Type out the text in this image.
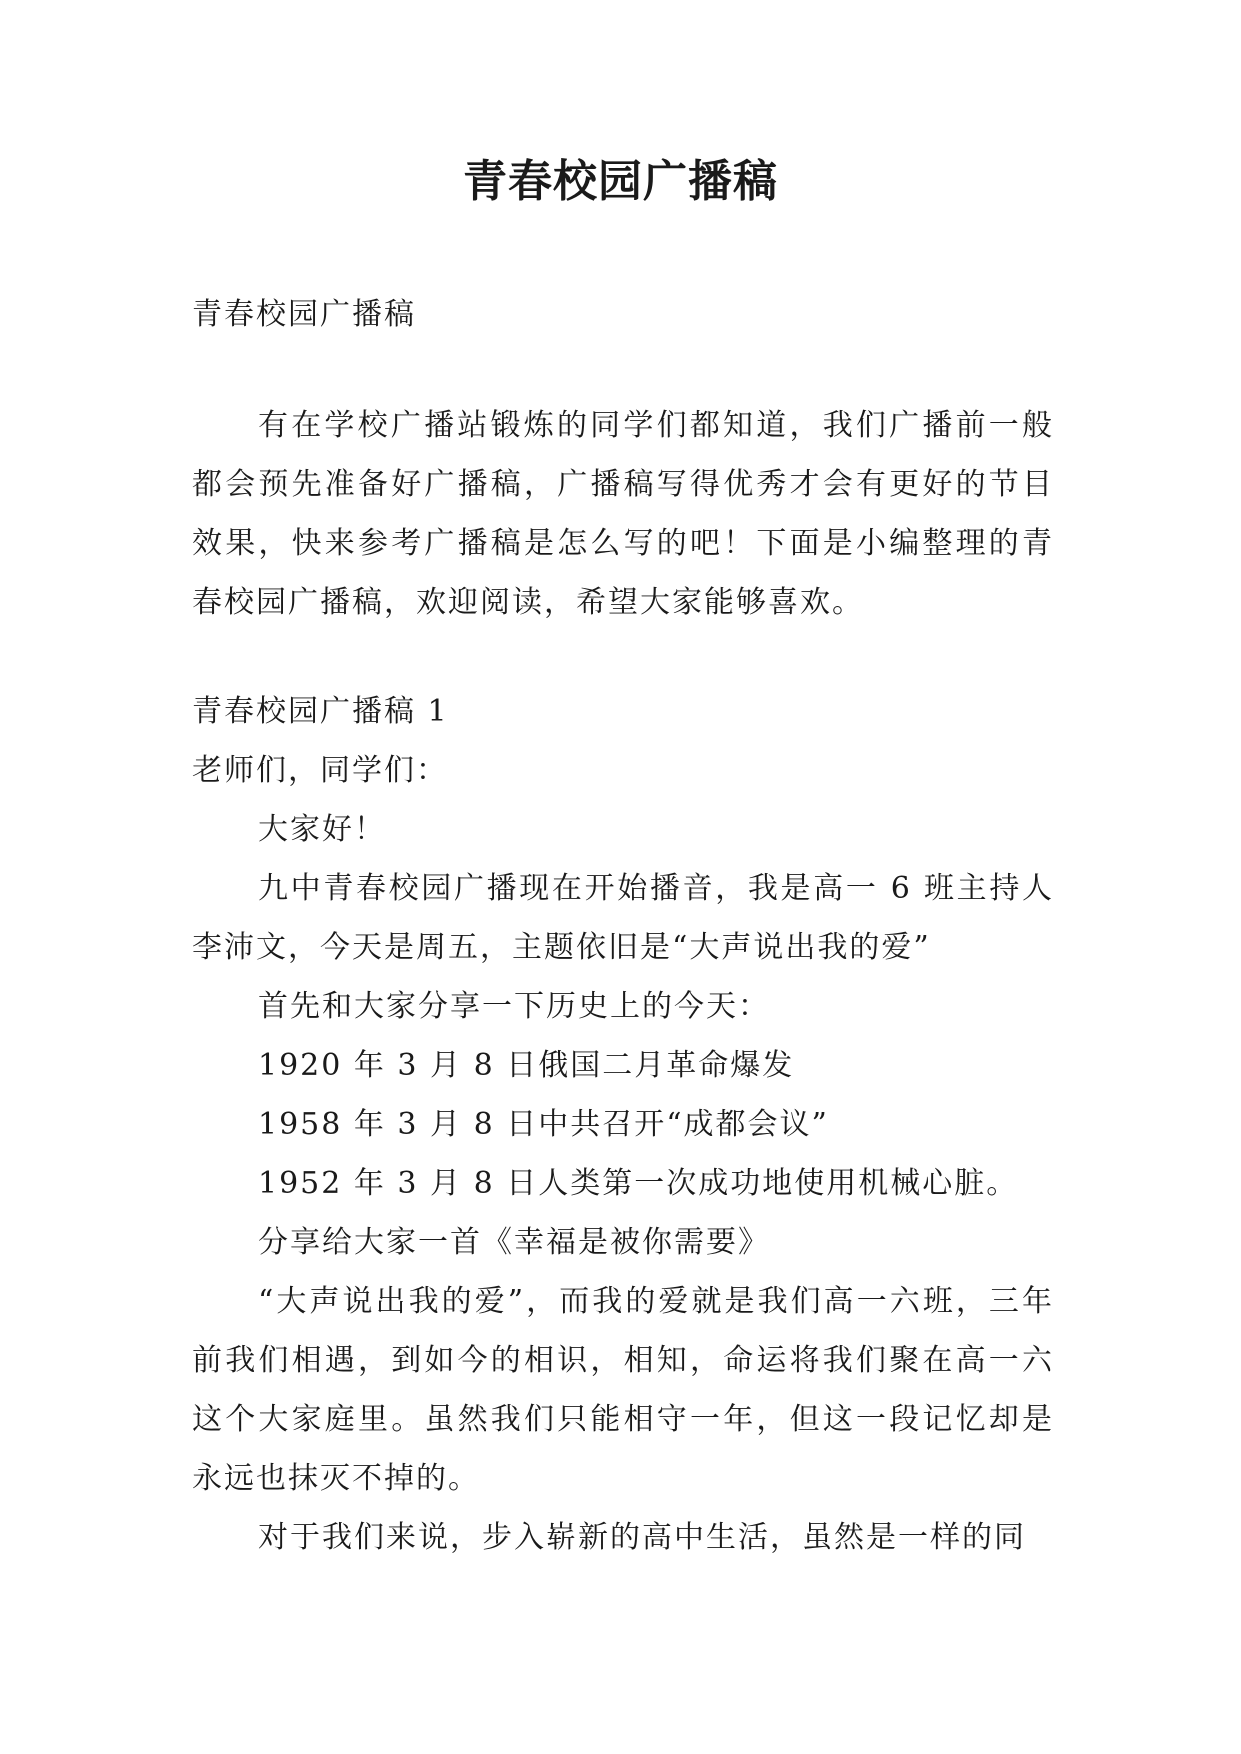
青春校园广播稿

青春校园广播稿

有在学校广播站锻炼的同学们都知道，我们广播前一般都会预先准备好广播稿，广播稿写得优秀才会有更好的节目效果，快来参考广播稿是怎么写的吧！下面是小编整理的青春校园广播稿，欢迎阅读，希望大家能够喜欢。

青春校园广播稿 1

老师们，同学们：

大家好！

九中青春校园广播现在开始播音，我是高一 6 班主持人李沛文，今天是周五，主题依旧是“大声说出我的爱”

首先和大家分享一下历史上的今天：

1920 年 3 月 8 日俄国二月革命爆发

1958 年 3 月 8 日中共召开“成都会议”

1952 年 3 月 8 日人类第一次成功地使用机械心脏。

分享给大家一首《幸福是被你需要》

“大声说出我的爱”，而我的爱就是我们高一六班，三年前我们相遇，到如今的相识，相知，命运将我们聚在高一六这个大家庭里。虽然我们只能相守一年，但这一段记忆却是永远也抹灭不掉的。

对于我们来说，步入崭新的高中生活，虽然是一样的同
